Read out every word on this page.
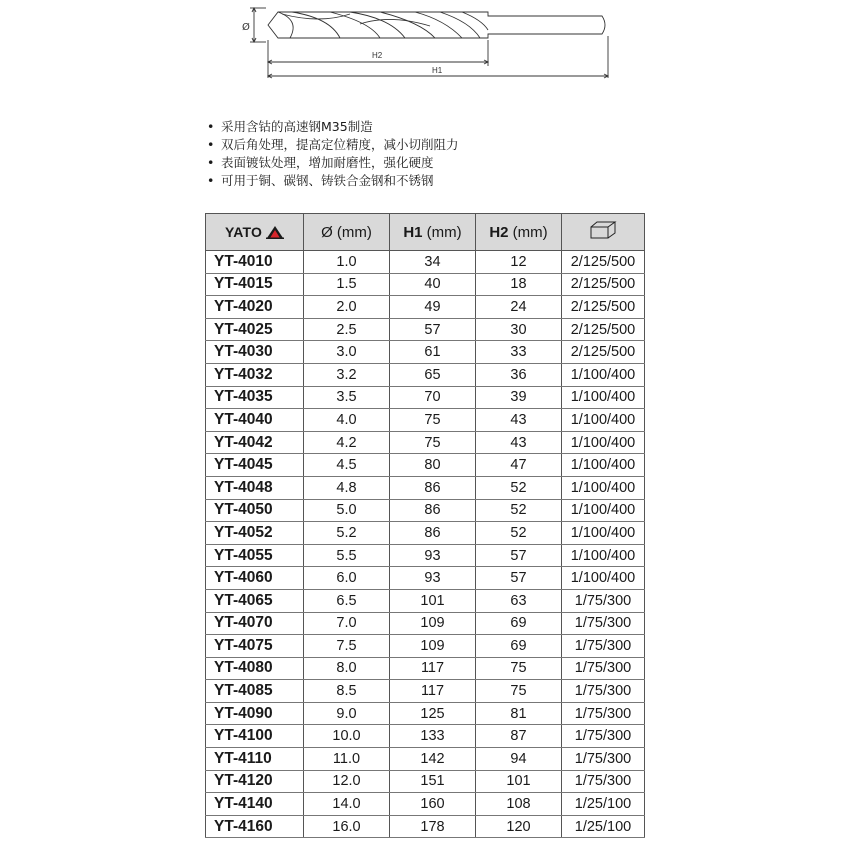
Ø
H2
H1
• 采用含钴的高速钢M35制造
• 双后角处理，提高定位精度，减小切削阻力
• 表面镀钛处理，增加耐磨性，强化硬度
• 可用于铜、碳钢、铸铁合金钢和不锈钢
YATO	Ø (mm)	H1 (mm)	H2 (mm)	
YT-4010	1.0	34	12	2/125/500
YT-4015	1.5	40	18	2/125/500
YT-4020	2.0	49	24	2/125/500
YT-4025	2.5	57	30	2/125/500
YT-4030	3.0	61	33	2/125/500
YT-4032	3.2	65	36	1/100/400
YT-4035	3.5	70	39	1/100/400
YT-4040	4.0	75	43	1/100/400
YT-4042	4.2	75	43	1/100/400
YT-4045	4.5	80	47	1/100/400
YT-4048	4.8	86	52	1/100/400
YT-4050	5.0	86	52	1/100/400
YT-4052	5.2	86	52	1/100/400
YT-4055	5.5	93	57	1/100/400
YT-4060	6.0	93	57	1/100/400
YT-4065	6.5	101	63	1/75/300
YT-4070	7.0	109	69	1/75/300
YT-4075	7.5	109	69	1/75/300
YT-4080	8.0	117	75	1/75/300
YT-4085	8.5	117	75	1/75/300
YT-4090	9.0	125	81	1/75/300
YT-4100	10.0	133	87	1/75/300
YT-4110	11.0	142	94	1/75/300
YT-4120	12.0	151	101	1/75/300
YT-4140	14.0	160	108	1/25/100
YT-4160	16.0	178	120	1/25/100
